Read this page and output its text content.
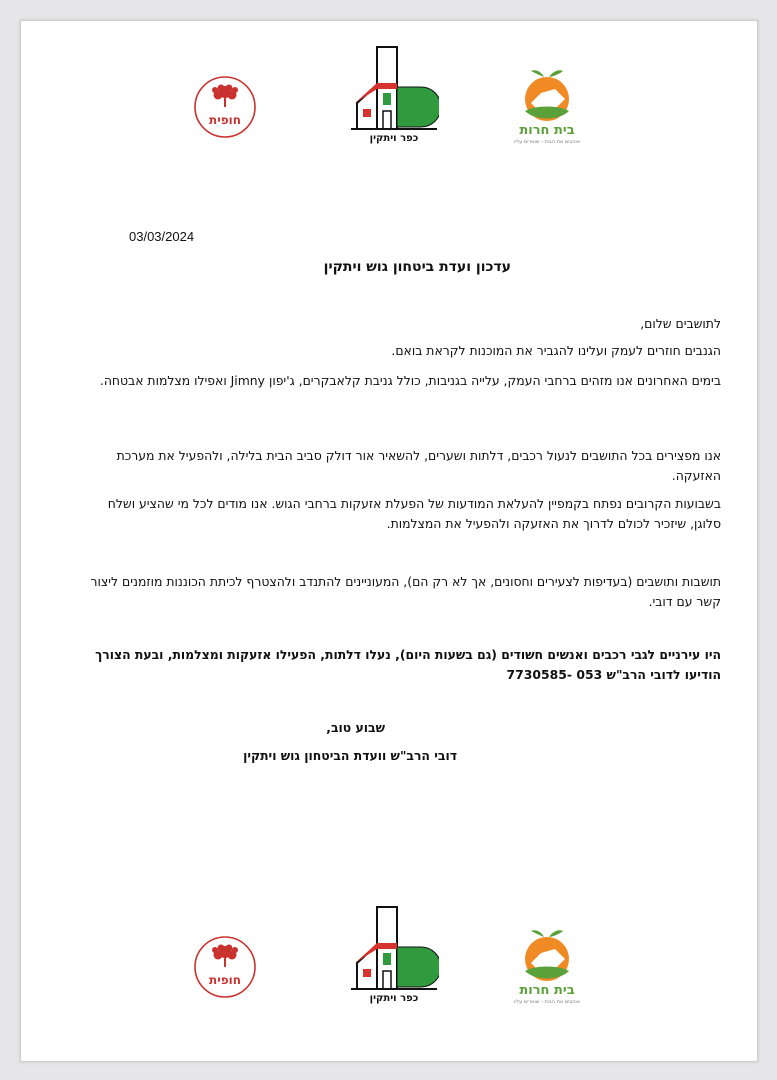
חופית
כפר ויתקין
בית חרות
אוהבים את הבית - שומרים עליו
03/03/2024
עדכון ועדת ביטחון גוש ויתקין

לתושבים שלום,

הגנבים חוזרים לעמק ועלינו להגביר את המוכנות לקראת בואם.

בימים האחרונים אנו מזהים ברחבי העמק, עלייה בגניבות, כולל גניבת קלאבקרים, ג'יפון Jimny ואפילו מצלמות אבטחה.

אנו מפצירים בכל התושבים לנעול רכבים, דלתות ושערים, להשאיר אור דולק סביב הבית בלילה, ולהפעיל את מערכת האזעקה.

בשבועות הקרובים נפתח בקמפיין להעלאת המודעות של הפעלת אזעקות ברחבי הגוש. אנו מודים לכל מי שהציע ושלח סלוגן, שיזכיר לכולם לדרוך את האזעקה ולהפעיל את המצלמות.

תושבות ותושבים (בעדיפות לצעירים וחסונים, אך לא רק הם), המעוניינים להתנדב ולהצטרף לכיתת הכוננות מוזמנים ליצור קשר עם דובי.

היו עירניים לגבי רכבים ואנשים חשודים (גם בשעות היום), נעלו דלתות, הפעילו אזעקות ומצלמות, ובעת הצורך הודיעו לדובי הרב"ש 053 -7730585

שבוע טוב,

דובי הרב"ש וועדת הביטחון גוש ויתקין

חופית
כפר ויתקין
בית חרות
אוהבים את הבית - שומרים עליו
